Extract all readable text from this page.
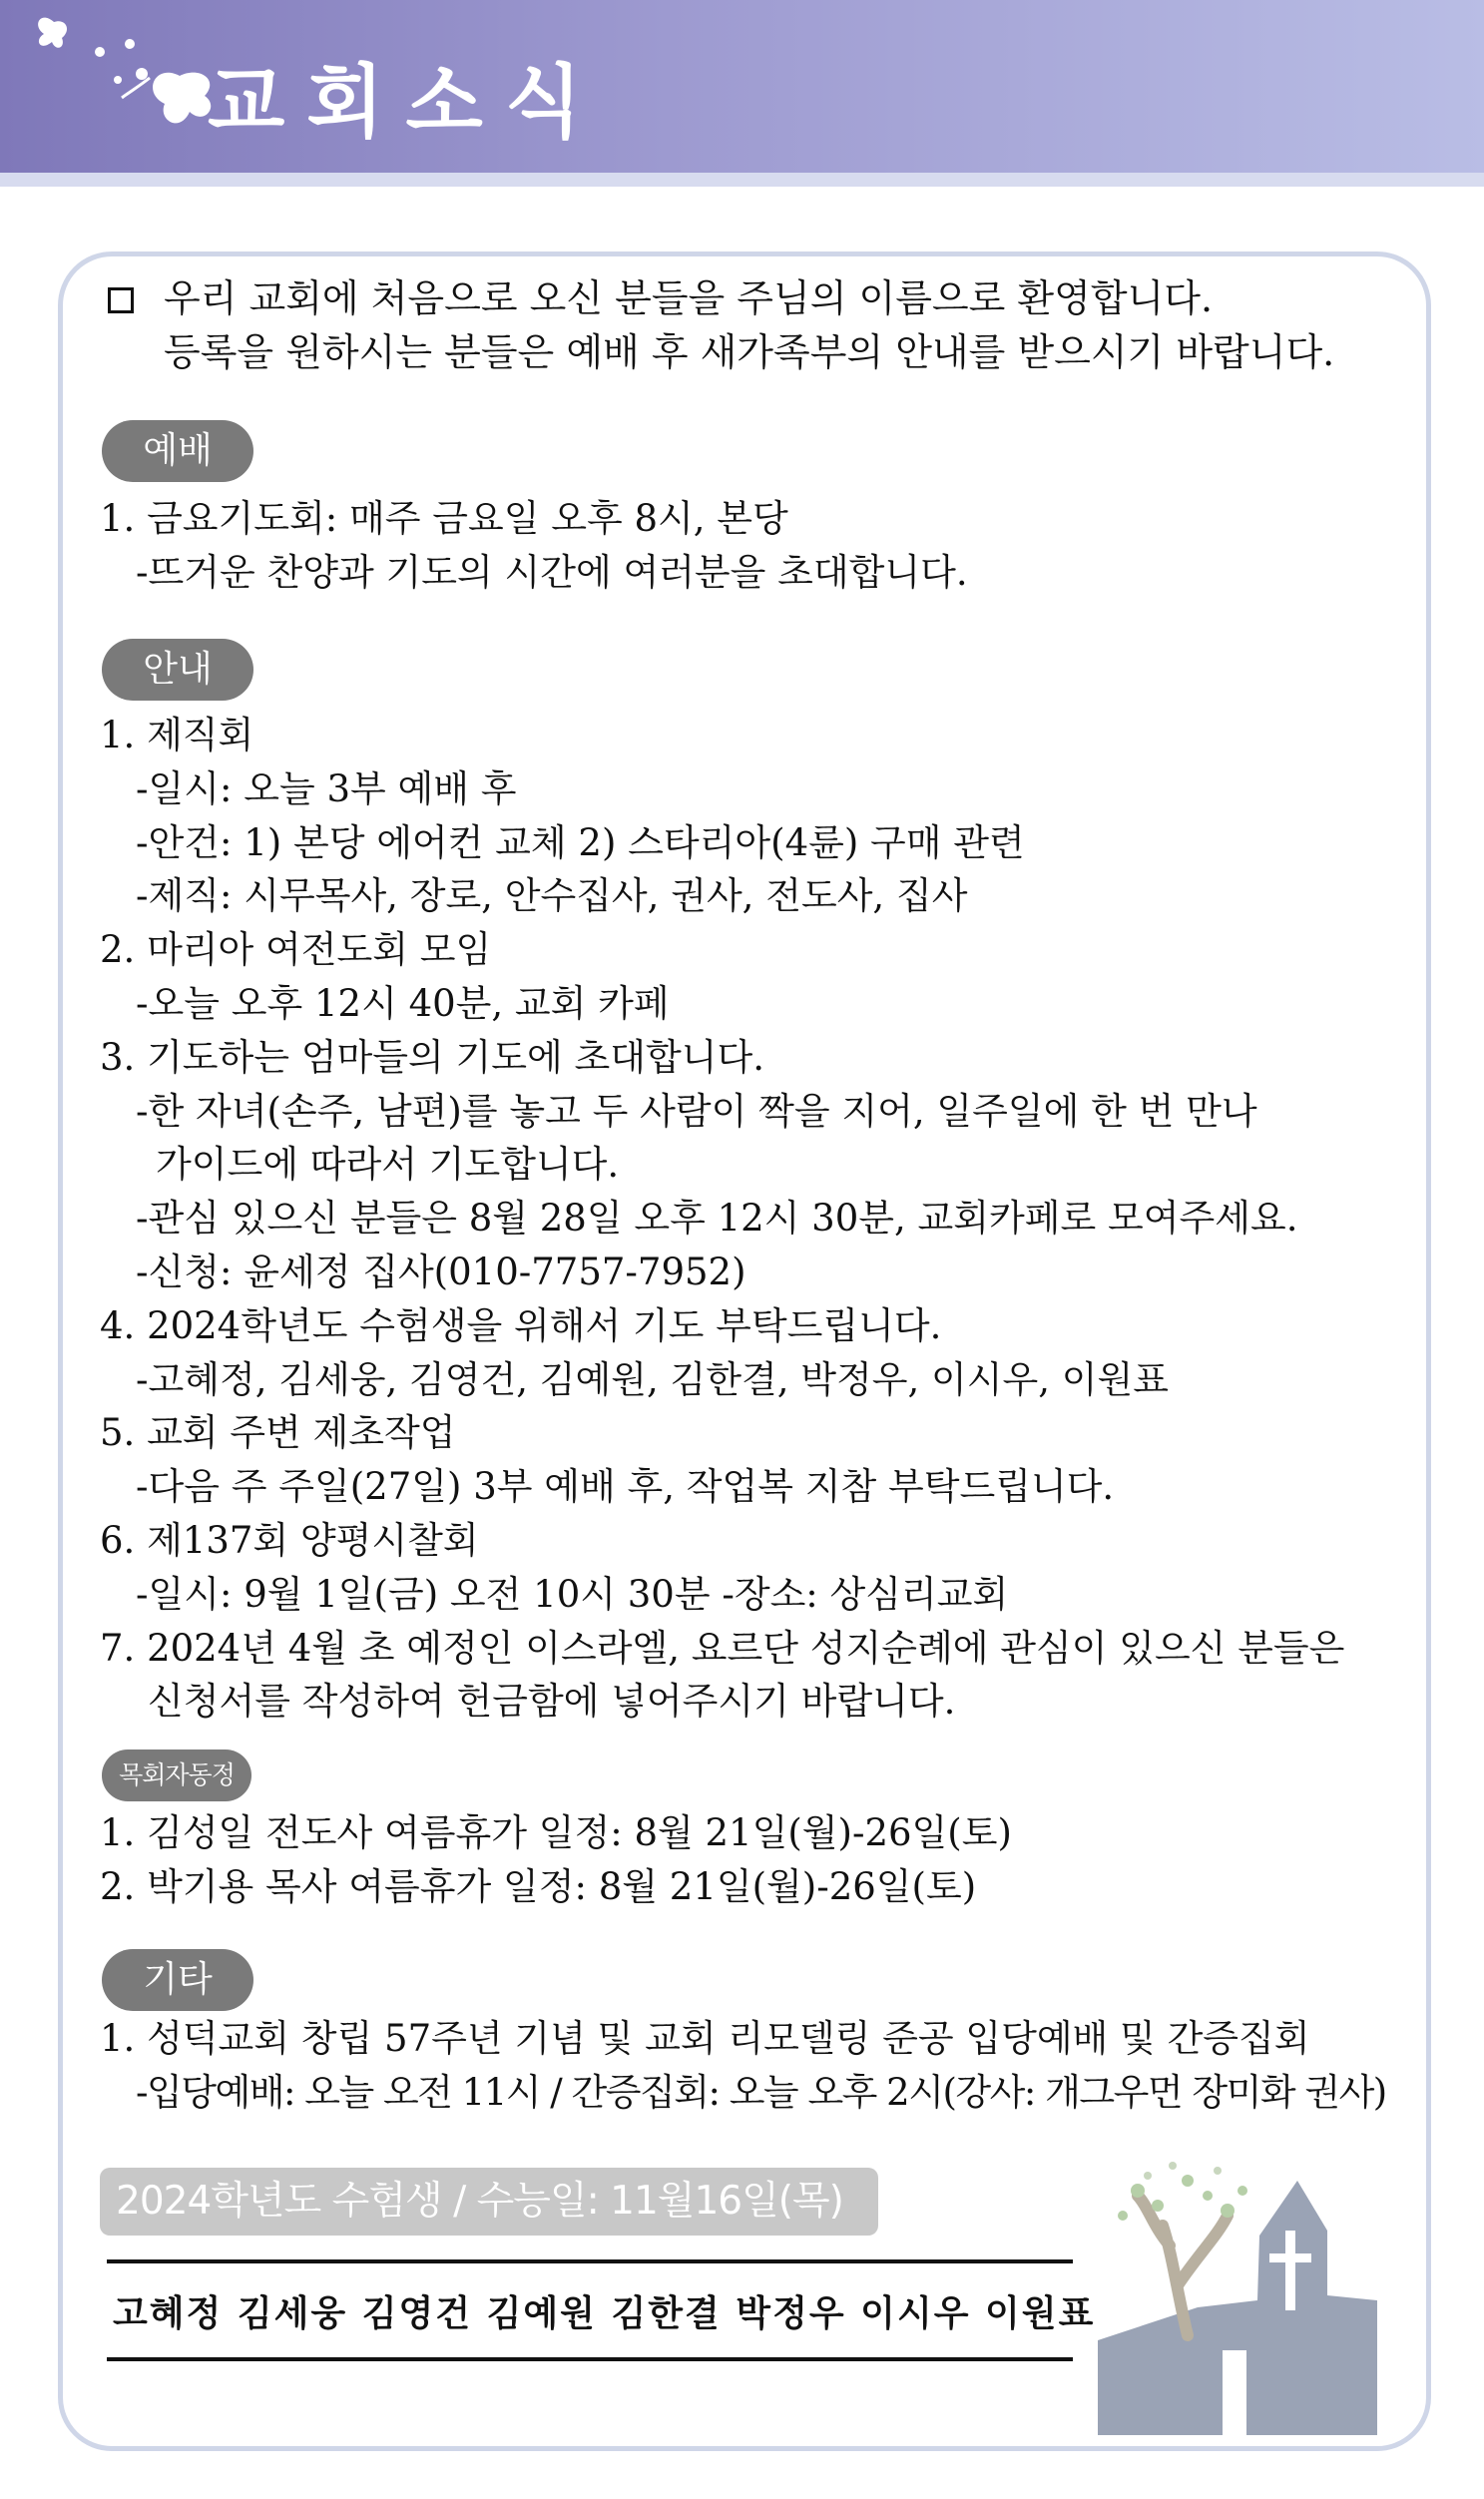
교회소식
우리 교회에 처음으로 오신 분들을 주님의 이름으로 환영합니다.
등록을 원하시는 분들은 예배 후 새가족부의 안내를 받으시기 바랍니다.
예배
1. 금요기도회: 매주 금요일 오후 8시, 본당
-뜨거운 찬양과 기도의 시간에 여러분을 초대합니다.
안내
1. 제직회
-일시: 오늘 3부 예배 후
-안건: 1) 본당 에어컨 교체 2) 스타리아(4륜) 구매 관련
-제직: 시무목사, 장로, 안수집사, 권사, 전도사, 집사
2. 마리아 여전도회 모임
-오늘 오후 12시 40분, 교회 카페
3. 기도하는 엄마들의 기도에 초대합니다.
-한 자녀(손주, 남편)를 놓고 두 사람이 짝을 지어, 일주일에 한 번 만나
가이드에 따라서 기도합니다.
-관심 있으신 분들은 8월 28일 오후 12시 30분, 교회카페로 모여주세요.
-신청: 윤세정 집사(010-7757-7952)
4. 2024학년도 수험생을 위해서 기도 부탁드립니다.
-고혜정, 김세웅, 김영건, 김예원, 김한결, 박정우, 이시우, 이원표
5. 교회 주변 제초작업
-다음 주 주일(27일) 3부 예배 후, 작업복 지참 부탁드립니다.
6. 제137회 양평시찰회
-일시: 9월 1일(금) 오전 10시 30분 -장소: 상심리교회
7. 2024년 4월 초 예정인 이스라엘, 요르단 성지순례에 관심이 있으신 분들은
신청서를 작성하여 헌금함에 넣어주시기 바랍니다.
목회자동정
1. 김성일 전도사 여름휴가 일정: 8월 21일(월)-26일(토)
2. 박기용 목사 여름휴가 일정: 8월 21일(월)-26일(토)
기타
1. 성덕교회 창립 57주년 기념 및 교회 리모델링 준공 입당예배 및 간증집회
-입당예배: 오늘 오전 11시 / 간증집회: 오늘 오후 2시(강사: 개그우먼 장미화 권사)
2024학년도 수험생 / 수능일: 11월16일(목)
고혜정 김세웅 김영건 김예원 김한결 박정우 이시우 이원표
